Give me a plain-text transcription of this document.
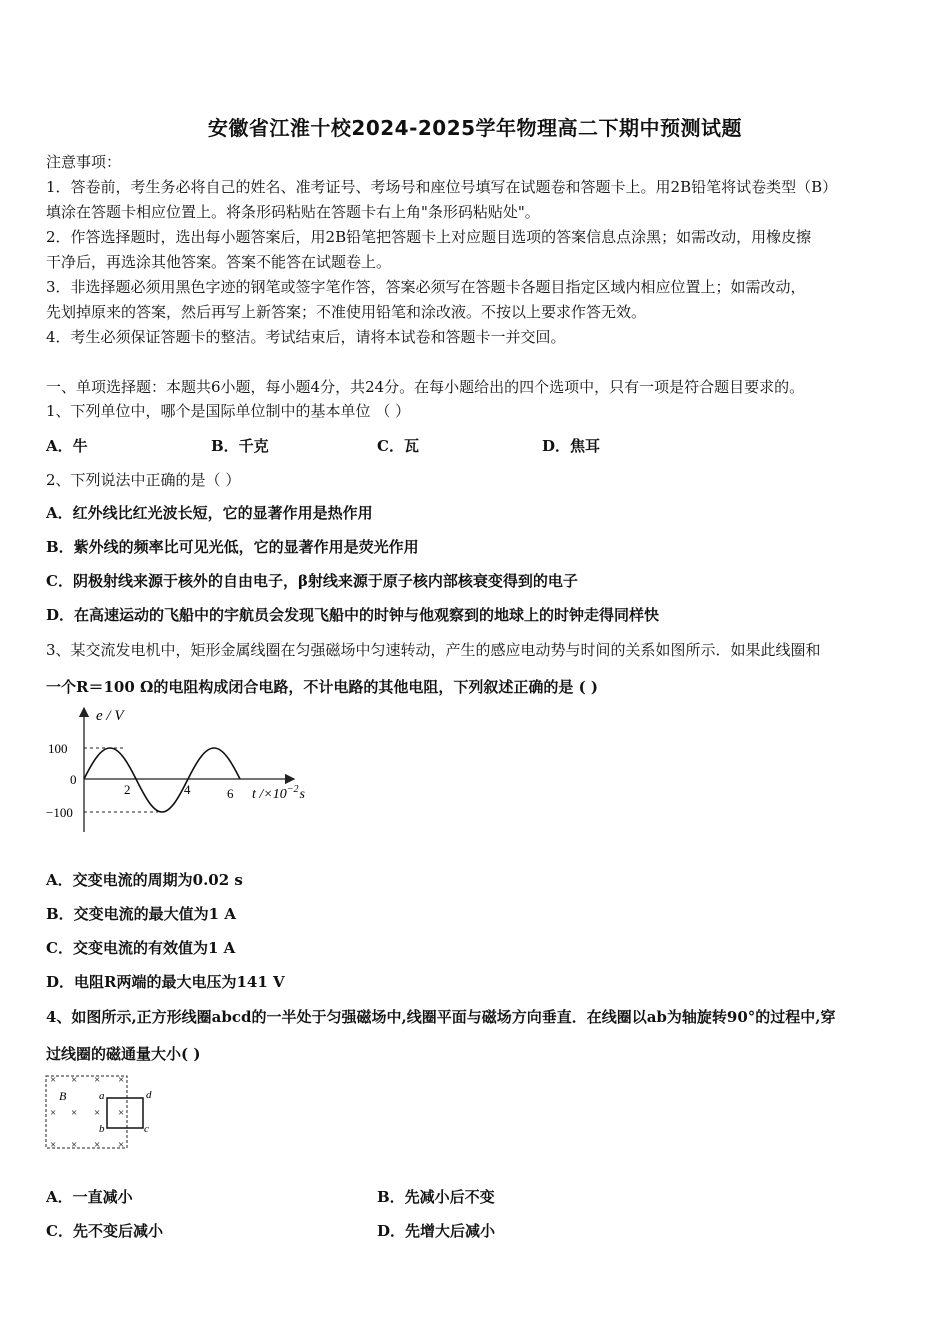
安徽省江淮十校2024-2025学年物理高二下期中预测试题
注意事项：
1．答卷前，考生务必将自己的姓名、准考证号、考场号和座位号填写在试题卷和答题卡上。用2B铅笔将试卷类型（B）
填涂在答题卡相应位置上。将条形码粘贴在答题卡右上角"条形码粘贴处"。
2．作答选择题时，选出每小题答案后，用2B铅笔把答题卡上对应题目选项的答案信息点涂黑；如需改动，用橡皮擦
干净后，再选涂其他答案。答案不能答在试题卷上。
3．非选择题必须用黑色字迹的钢笔或签字笔作答，答案必须写在答题卡各题目指定区域内相应位置上；如需改动，
先划掉原来的答案，然后再写上新答案；不准使用铅笔和涂改液。不按以上要求作答无效。
4．考生必须保证答题卡的整洁。考试结束后，请将本试卷和答题卡一并交回。
一、单项选择题：本题共6小题，每小题4分，共24分。在每小题给出的四个选项中，只有一项是符合题目要求的。
1、下列单位中，哪个是国际单位制中的基本单位 （ ）
A．牛	B．千克	C．瓦	D．焦耳
2、下列说法中正确的是（ ）
A．红外线比红光波长短，它的显著作用是热作用
B．紫外线的频率比可见光低，它的显著作用是荧光作用
C．阴极射线来源于核外的自由电子，β射线来源于原子核内部核衰变得到的电子
D．在高速运动的飞船中的宇航员会发现飞船中的时钟与他观察到的地球上的时钟走得同样快
3、某交流发电机中，矩形金属线圈在匀强磁场中匀速转动，产生的感应电动势与时间的关系如图所示．如果此线圈和
一个R＝100 Ω的电阻构成闭合电路，不计电路的其他电阻，下列叙述正确的是 ( )
e / V
100
0
−100
2	4	6 t $/\times 10^{-2}s$
A．交变电流的周期为0.02 s
B．交变电流的最大值为1 A
C．交变电流的有效值为1 A
D．电阻R两端的最大电压为141 V
4、如图所示,正方形线圈abcd的一半处于匀强磁场中,线圈平面与磁场方向垂直．在线圈以ab为轴旋转90°的过程中,穿
过线圈的磁通量大小( )
× × × ×
× × × ×
× × × ×
B	a
b	c
d
A．一直减小	B．先减小后不变
C．先不变后减小	D．先增大后减小
